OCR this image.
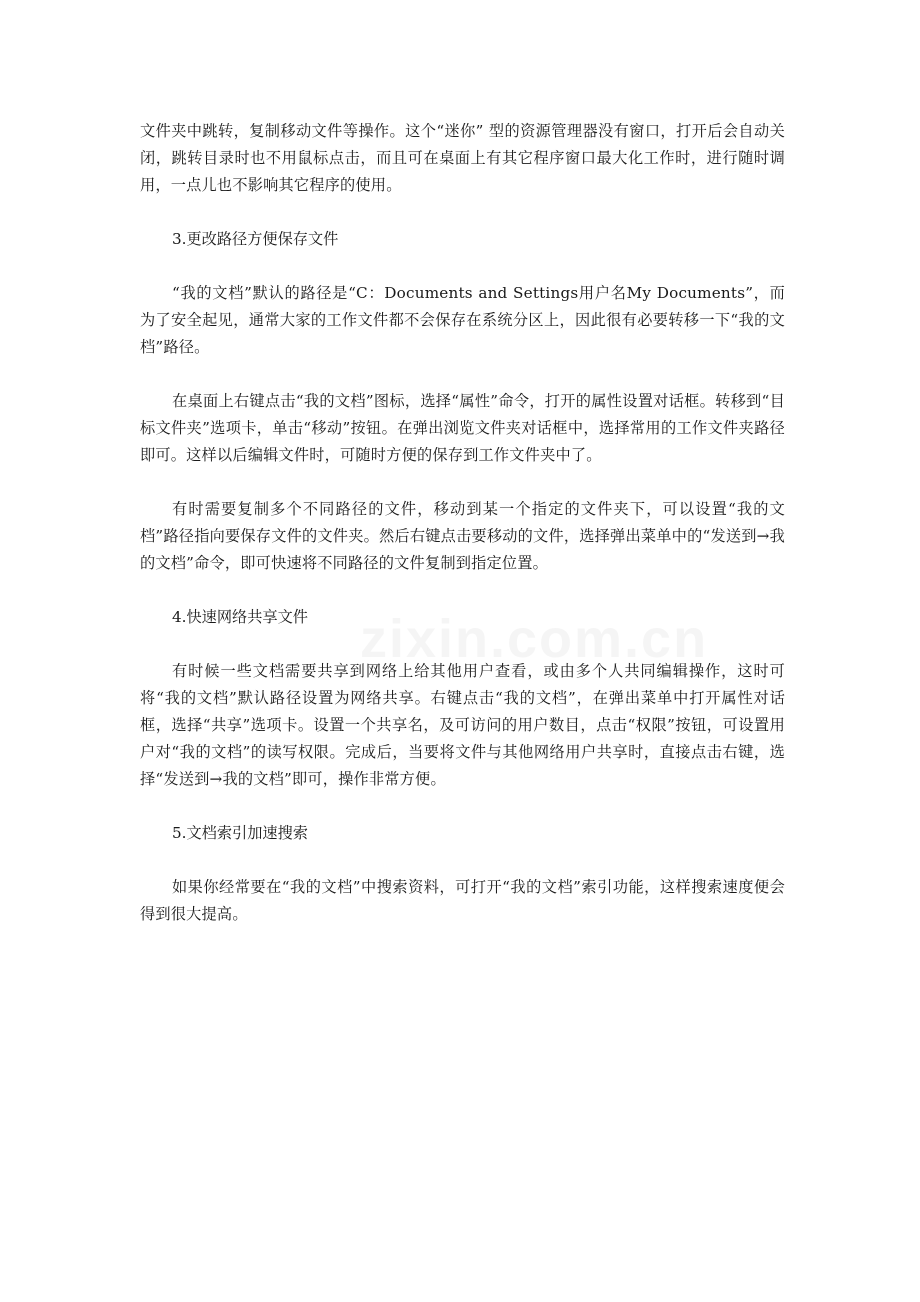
zixin.com.cn

文件夹中跳转，复制移动文件等操作。这个“迷你” 型的资源管理器没有窗口，打开后会自动关闭，跳转目录时也不用鼠标点击，而且可在桌面上有其它程序窗口最大化工作时，进行随时调用，一点儿也不影响其它程序的使用。

3.更改路径方便保存文件

“我的文档”默认的路径是“C：Documents and Settings用户名My Documents”，而为了安全起见，通常大家的工作文件都不会保存在系统分区上，因此很有必要转移一下“我的文档”路径。

在桌面上右键点击“我的文档”图标，选择“属性”命令，打开的属性设置对话框。转移到“目标文件夹”选项卡，单击“移动”按钮。在弹出浏览文件夹对话框中，选择常用的工作文件夹路径即可。这样以后编辑文件时，可随时方便的保存到工作文件夹中了。

有时需要复制多个不同路径的文件，移动到某一个指定的文件夹下，可以设置“我的文档”路径指向要保存文件的文件夹。然后右键点击要移动的文件，选择弹出菜单中的“发送到→我的文档”命令，即可快速将不同路径的文件复制到指定位置。

4.快速网络共享文件

有时候一些文档需要共享到网络上给其他用户查看，或由多个人共同编辑操作，这时可将“我的文档”默认路径设置为网络共享。右键点击“我的文档”，在弹出菜单中打开属性对话框，选择“共享”选项卡。设置一个共享名，及可访问的用户数目，点击“权限”按钮，可设置用户对“我的文档”的读写权限。完成后，当要将文件与其他网络用户共享时，直接点击右键，选择“发送到→我的文档”即可，操作非常方便。

5.文档索引加速搜索

如果你经常要在“我的文档”中搜索资料，可打开“我的文档”索引功能，这样搜索速度便会得到很大提高。
